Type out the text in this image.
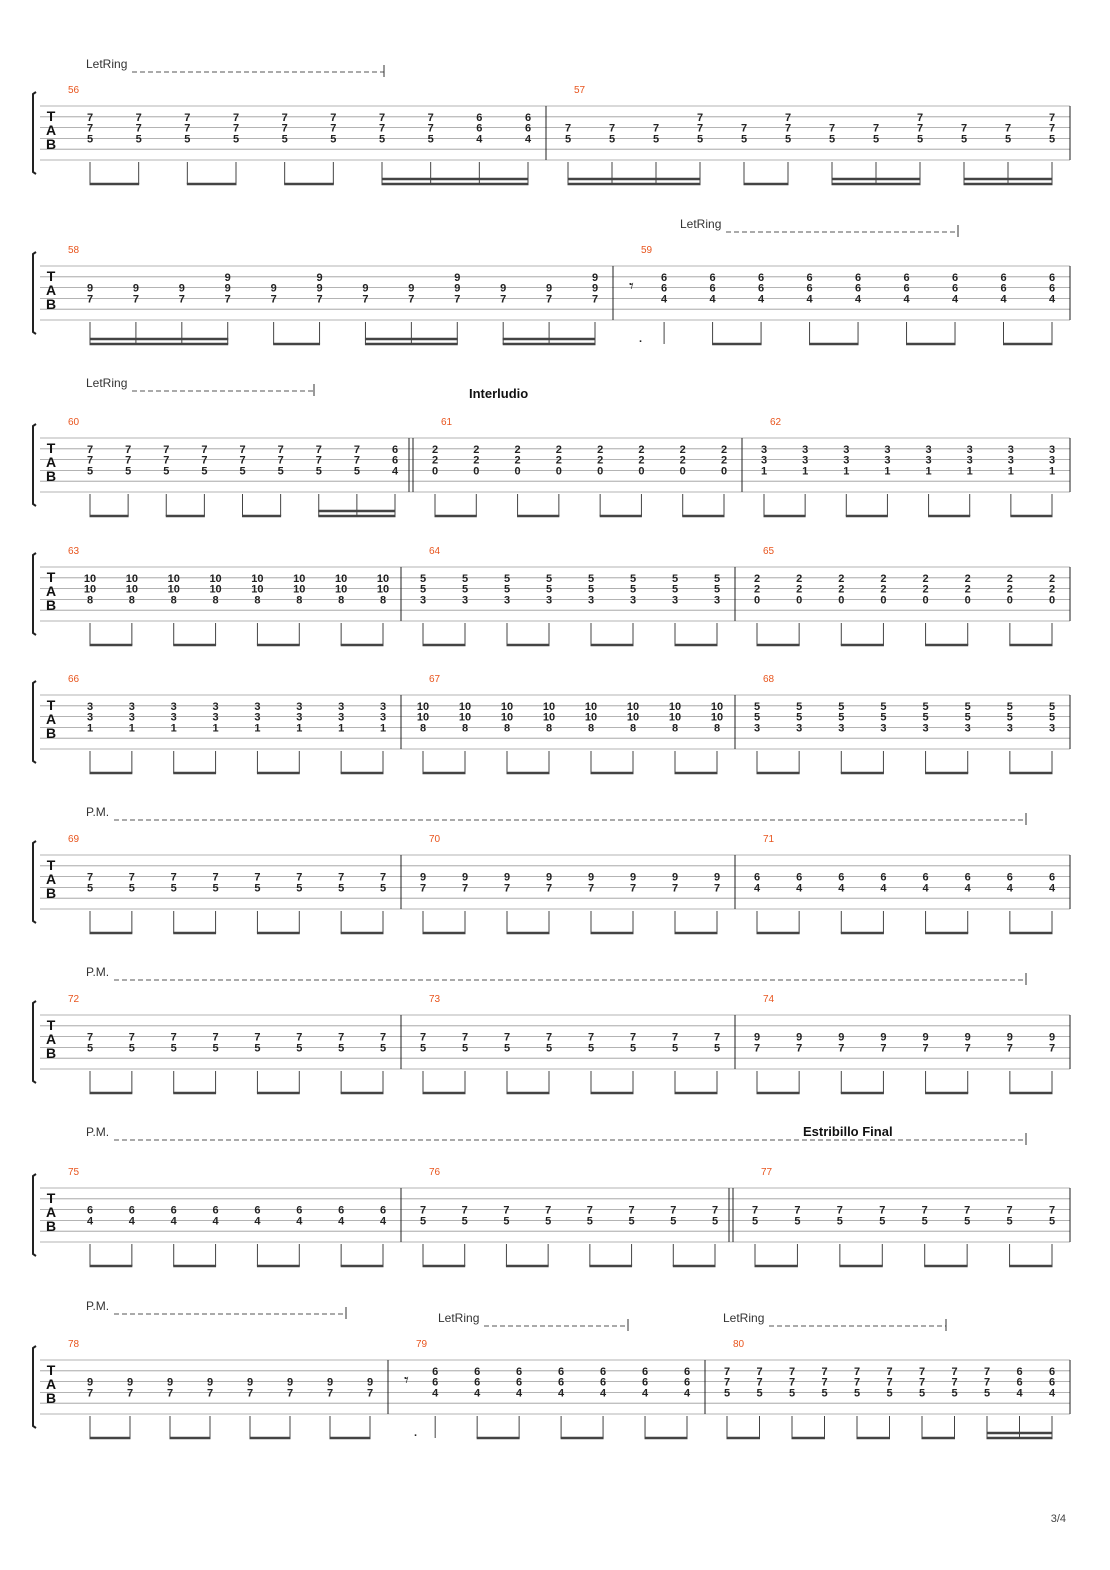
T
A
B
LetRing
56
7
7
5
7
7
5
7
7
5
7
7
5
7
7
5
7
7
5
7
7
5
7
7
5
6
6
4
6
6
4
57
7
5
7
5
7
5
7
7
5
7
5
7
7
5
7
5
7
5
7
7
5
7
5
7
5
7
7
5
T
A
B
LetRing
58
9
7
9
7
9
7
9
9
7
9
7
9
9
7
9
7
9
7
9
9
7
9
7
9
7
9
9
7
59
𝄾 6
6
4
6
6
4
6
6
4
6
6
4
6
6
4
6
6
4
6
6
4
6
6
4
6
6
4
.
T
A
B
LetRing
Interludio
60
7
7
5
7
7
5
7
7
5
7
7
5
7
7
5
7
7
5
7
7
5
7
7
5
6
6
4
61
2
2
0
2
2
0
2
2
0
2
2
0
2
2
0
2
2
0
2
2
0
2
2
0
62
3
3
1
3
3
1
3
3
1
3
3
1
3
3
1
3
3
1
3
3
1
3
3
1
T
A
B
63
10
10
8
10
10
8
10
10
8
10
10
8
10
10
8
10
10
8
10
10
8
10
10
8
64
5
5
3
5
5
3
5
5
3
5
5
3
5
5
3
5
5
3
5
5
3
5
5
3
65
2
2
0
2
2
0
2
2
0
2
2
0
2
2
0
2
2
0
2
2
0
2
2
0
T
A
B
66
3
3
1
3
3
1
3
3
1
3
3
1
3
3
1
3
3
1
3
3
1
3
3
1
67
10
10
8
10
10
8
10
10
8
10
10
8
10
10
8
10
10
8
10
10
8
10
10
8
68
5
5
3
5
5
3
5
5
3
5
5
3
5
5
3
5
5
3
5
5
3
5
5
3
T
A
B
P.M.
69
7
5
7
5
7
5
7
5
7
5
7
5
7
5
7
5
70
9
7
9
7
9
7
9
7
9
7
9
7
9
7
9
7
71
6
4
6
4
6
4
6
4
6
4
6
4
6
4
6
4
T
A
B
P.M.
72
7
5
7
5
7
5
7
5
7
5
7
5
7
5
7
5
73
7
5
7
5
7
5
7
5
7
5
7
5
7
5
7
5
74
9
7
9
7
9
7
9
7
9
7
9
7
9
7
9
7
T
A
B
P.M.	Estribillo Final
75
6
4
6
4
6
4
6
4
6
4
6
4
6
4
6
4
76
7
5
7
5
7
5
7
5
7
5
7
5
7
5
7
5
77
7
5
7
5
7
5
7
5
7
5
7
5
7
5
7
5
T
A
B
P.M.
LetRing	LetRing
78
9
7
9
7
9
7
9
7
9
7
9
7
9
7
9
7
79
𝄾 6
6
4
6
6
4
6
6
4
6
6
4
6
6
4
6
6
4
6
6
4
.
80
7
7
5
7
7
5
7
7
5
7
7
5
7
7
5
7
7
5
7
7
5
7
7
5
7
7
5
6
6
4
6
6
4
3/4
